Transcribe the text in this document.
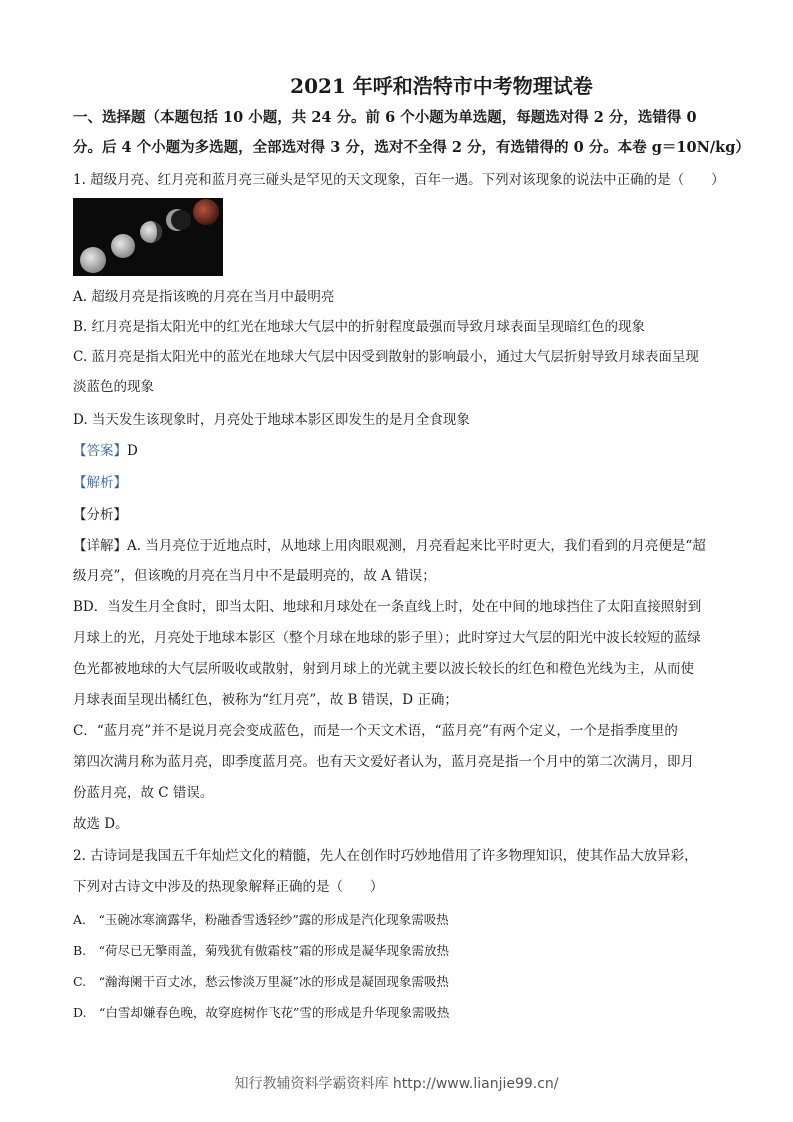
2021 年呼和浩特市中考物理试卷
一、选择题（本题包括 10 小题，共 24 分。前 6 个小题为单选题，每题选对得 2 分，选错得 0
分。后 4 个小题为多选题，全部选对得 3 分，选对不全得 2 分，有选错得的 0 分。本卷 g＝10N/kg）
1. 超级月亮、红月亮和蓝月亮三碰头是罕见的天文现象，百年一遇。下列对该现象的说法中正确的是（　　）
A. 超级月亮是指该晚的月亮在当月中最明亮
B. 红月亮是指太阳光中的红光在地球大气层中的折射程度最强而导致月球表面呈现暗红色的现象
C. 蓝月亮是指太阳光中的蓝光在地球大气层中因受到散射的影响最小，通过大气层折射导致月球表面呈现
淡蓝色的现象
D. 当天发生该现象时，月亮处于地球本影区即发生的是月全食现象
【答案】D
【解析】
【分析】
【详解】A. 当月亮位于近地点时，从地球上用肉眼观测，月亮看起来比平时更大，我们看到的月亮便是“超
级月亮”，但该晚的月亮在当月中不是最明亮的，故 A 错误；
BD．当发生月全食时，即当太阳、地球和月球处在一条直线上时，处在中间的地球挡住了太阳直接照射到
月球上的光，月亮处于地球本影区（整个月球在地球的影子里）；此时穿过大气层的阳光中波长较短的蓝绿
色光都被地球的大气层所吸收或散射，射到月球上的光就主要以波长较长的红色和橙色光线为主，从而使
月球表面呈现出橘红色，被称为“红月亮”，故 B 错误，D 正确；
C．“蓝月亮”并不是说月亮会变成蓝色，而是一个天文术语，“蓝月亮”有两个定义，一个是指季度里的
第四次满月称为蓝月亮，即季度蓝月亮。也有天文爱好者认为，蓝月亮是指一个月中的第二次满月，即月
份蓝月亮，故 C 错误。
故选 D。
2. 古诗词是我国五千年灿烂文化的精髓，先人在创作时巧妙地借用了许多物理知识，使其作品大放异彩，
下列对古诗文中涉及的热现象解释正确的是（　　）
A.　“玉碗冰寒滴露华，粉融香雪透轻纱”露的形成是汽化现象需吸热
B.　“荷尽已无擎雨盖，菊残犹有傲霜枝”霜的形成是凝华现象需放热
C.　“瀚海阑干百丈冰，愁云惨淡万里凝”冰的形成是凝固现象需吸热
D.　“白雪却嫌春色晚，故穿庭树作飞花”雪的形成是升华现象需吸热
知行教辅资料学霸资料库 http://www.lianjie99.cn/
